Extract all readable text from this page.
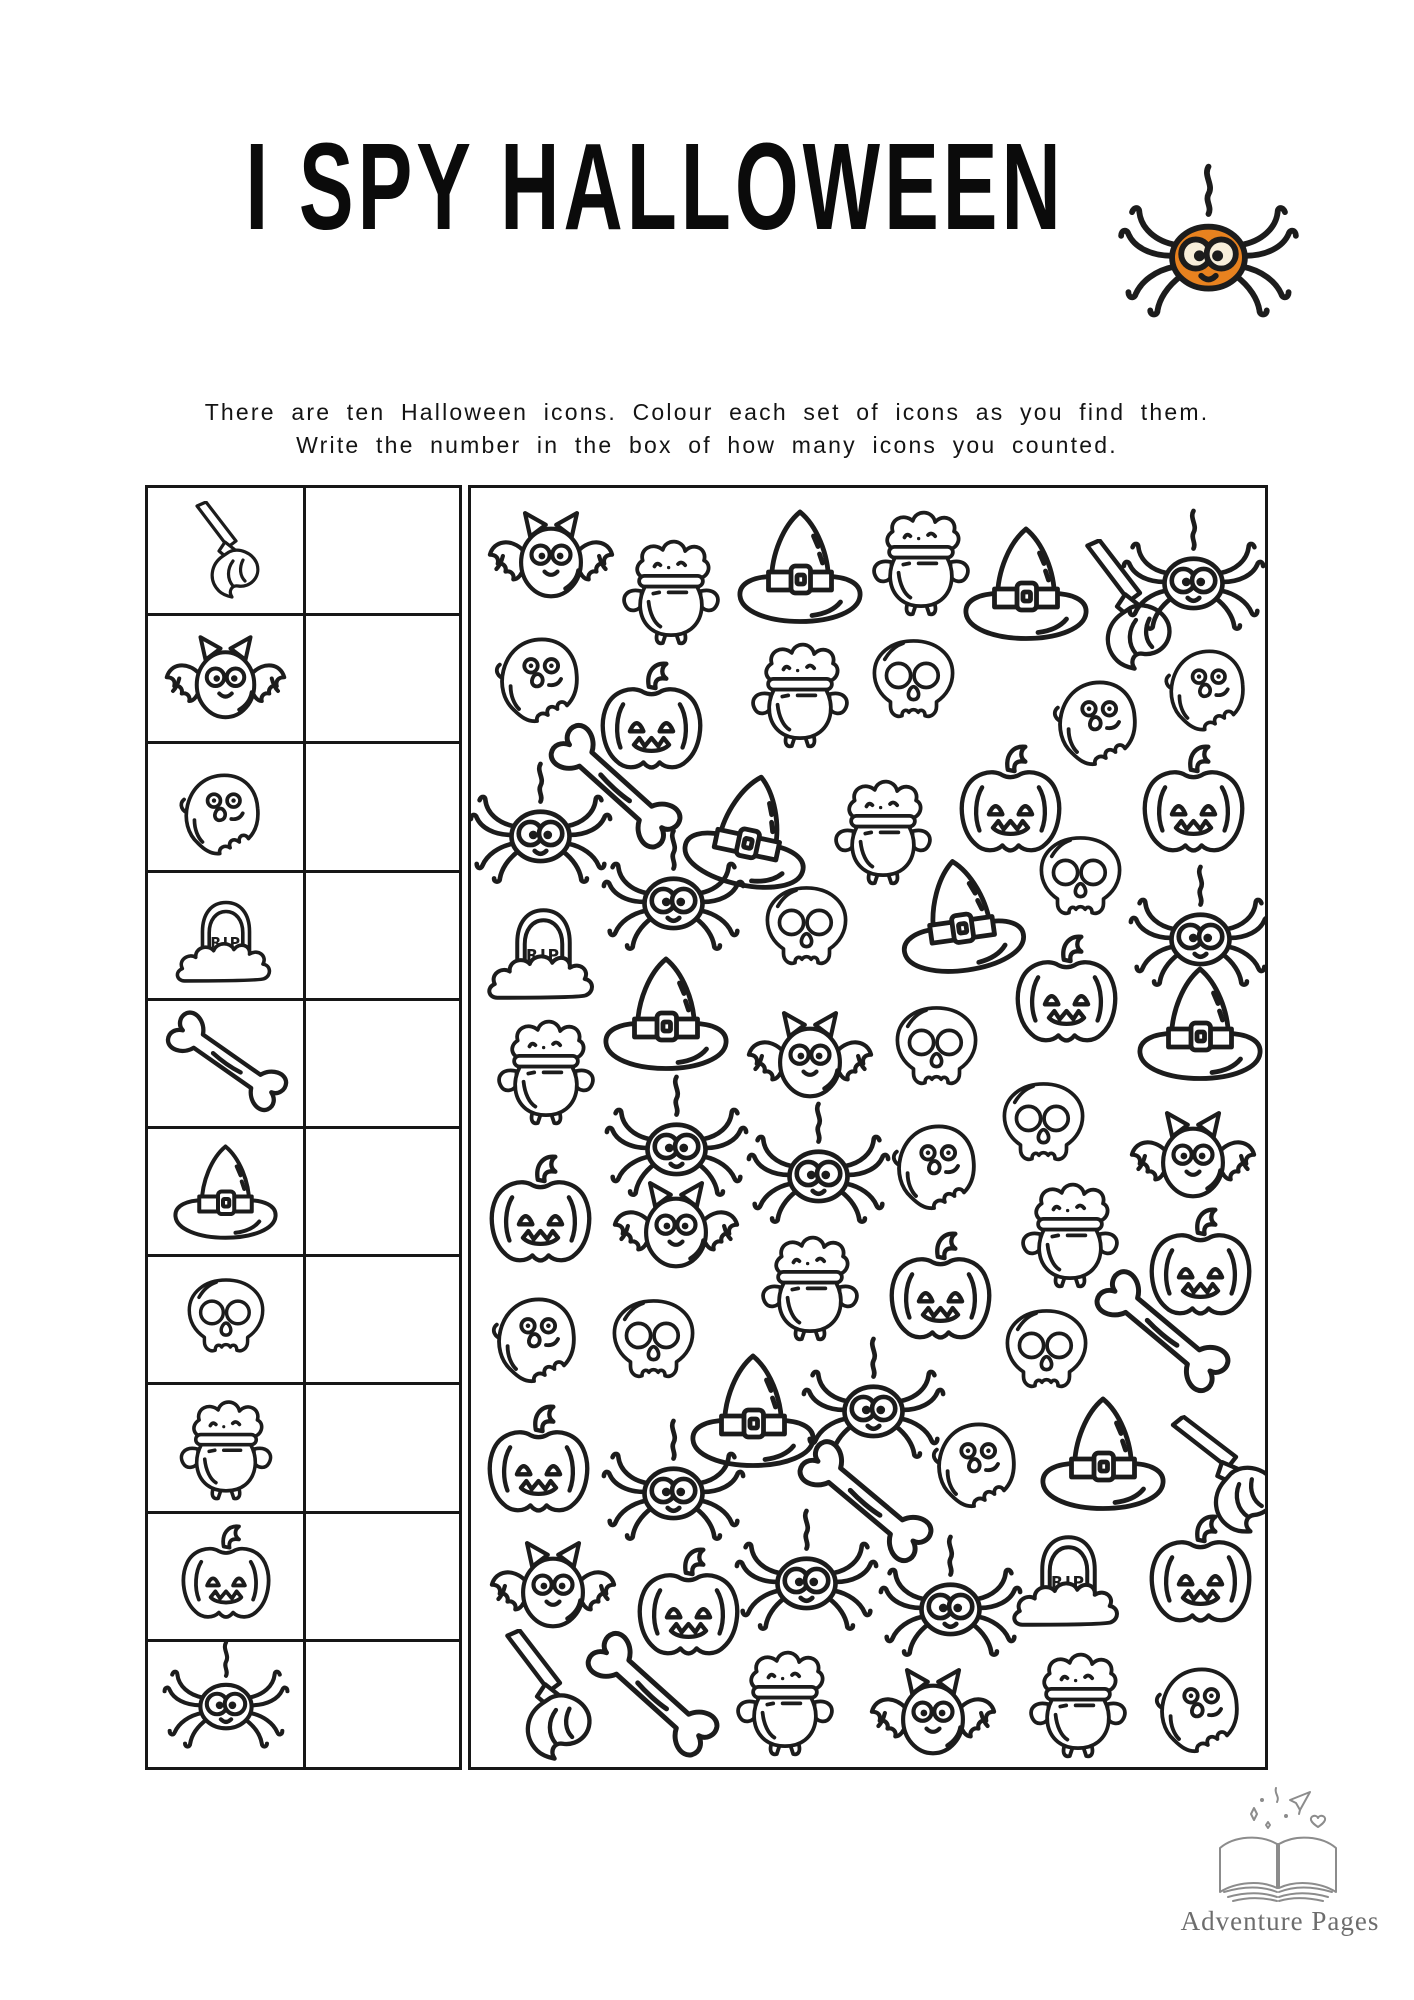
I SPY HALLOWEEN
There are ten Halloween icons. Colour each set of icons as you find them.
Write the number in the box of how many icons you counted.
Adventure Pages
